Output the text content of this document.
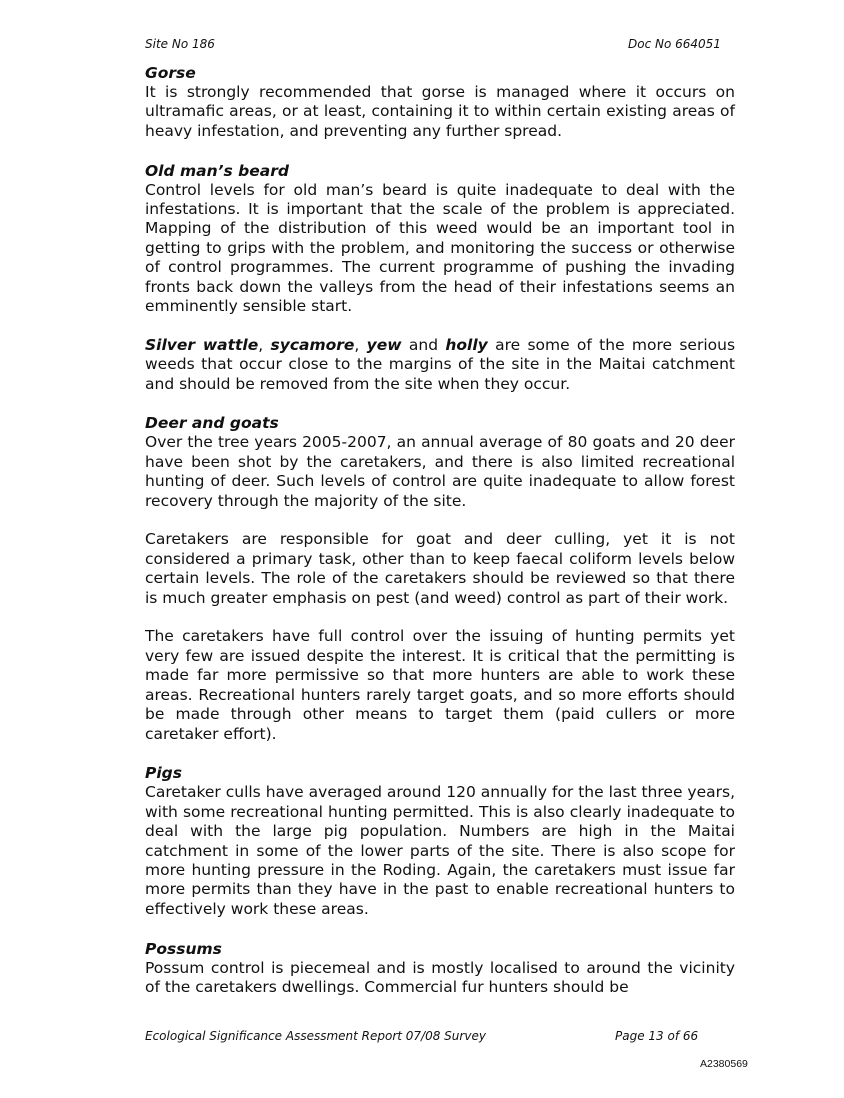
Site No 186	Doc No 664051
Gorse

It is strongly recommended that gorse is managed where it occurs on ultramafic areas, or at least, containing it to within certain existing areas of heavy infestation, and preventing any further spread.

Old man’s beard

Control levels for old man’s beard is quite inadequate to deal with the infestations. It is important that the scale of the problem is appreciated. Mapping of the distribution of this weed would be an important tool in getting to grips with the problem, and monitoring the success or otherwise of control programmes. The current programme of pushing the invading fronts back down the valleys from the head of their infestations seems an emminently sensible start.

Silver wattle, sycamore, yew and holly are some of the more serious weeds that occur close to the margins of the site in the Maitai catchment and should be removed from the site when they occur.

Deer and goats

Over the tree years 2005-2007, an annual average of 80 goats and 20 deer have been shot by the caretakers, and there is also limited recreational hunting of deer. Such levels of control are quite inadequate to allow forest recovery through the majority of the site.

Caretakers are responsible for goat and deer culling, yet it is not considered a primary task, other than to keep faecal coliform levels below certain levels. The role of the caretakers should be reviewed so that there is much greater emphasis on pest (and weed) control as part of their work.

The caretakers have full control over the issuing of hunting permits yet very few are issued despite the interest. It is critical that the permitting is made far more permissive so that more hunters are able to work these areas. Recreational hunters rarely target goats, and so more efforts should be made through other means to target them (paid cullers or more caretaker effort).

Pigs

Caretaker culls have averaged around 120 annually for the last three years, with some recreational hunting permitted. This is also clearly inadequate to deal with the large pig population. Numbers are high in the Maitai catchment in some of the lower parts of the site. There is also scope for more hunting pressure in the Roding. Again, the caretakers must issue far more permits than they have in the past to enable recreational hunters to effectively work these areas.

Possums

Possum control is piecemeal and is mostly localised to around the vicinity of the caretakers dwellings. Commercial fur hunters should be

Ecological Significance Assessment Report 07/08 Survey	Page 13 of 66
A2380569
